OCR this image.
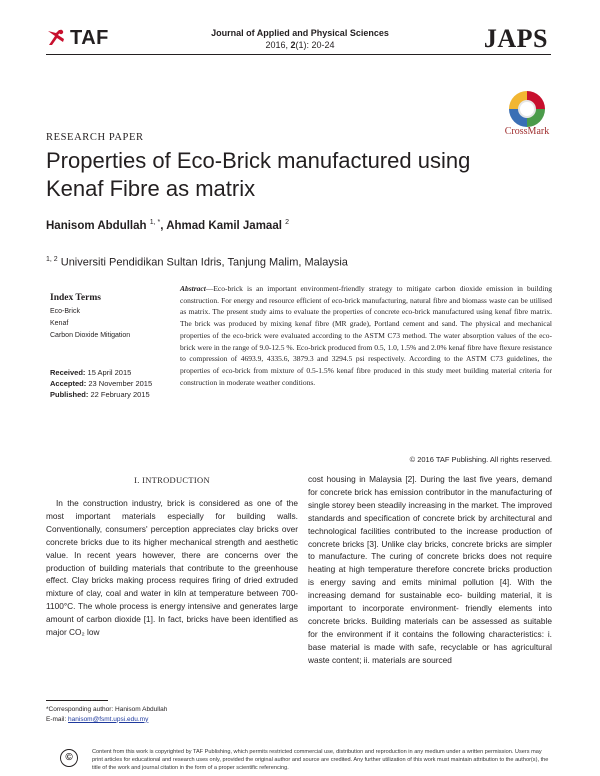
TAF	Journal of Applied and Physical Sciences
2016, 2(1): 20-24	JAPS
CrossMark
RESEARCH PAPER
Properties of Eco-Brick manufactured using Kenaf Fibre as matrix
Hanisom Abdullah $^{1, *}$, Ahmad Kamil Jamaal $^2$
$^{1, 2}$ Universiti Pendidikan Sultan Idris, Tanjung Malim, Malaysia
Index Terms
Eco-Brick
Kenaf
Carbon Dioxide Mitigation
Received: 15 April 2015
Accepted: 23 November 2015
Published: 22 February 2015
Abstract—Eco-brick is an important environment-friendly strategy to mitigate carbon dioxide emission in building construction. For energy and resource efficient of eco-brick manufacturing, natural fibre and biomass waste can be utilised as matrix. The present study aims to evaluate the properties of concrete eco-brick manufactured using kenaf fibre matrix. The brick was produced by mixing kenaf fibre (MR grade), Portland cement and sand. The physical and mechanical properties of the eco-brick were evaluated according to the ASTM C73 method. The water absorption values of the eco-brick were in the range of 9.0-12.5 %. Eco-brick produced from 0.5, 1.0, 1.5% and 2.0% kenaf fibre have flexure resistance to compression of 4693.9, 4335.6, 3879.3 and 3294.5 psi respectively. According to the ASTM C73 guidelines, the properties of eco-brick from mixture of 0.5-1.5% kenaf fibre produced in this study meet building material criteria for construction in moderate weather conditions.
© 2016 TAF Publishing. All rights reserved.
I. INTRODUCTION

In the construction industry, brick is considered as one of the most important materials especially for building walls. Conventionally, consumers' perception appreciates clay bricks over concrete bricks due to its higher mechanical strength and aesthetic value. In recent years however, there are concerns over the production of building materials that contribute to the greenhouse effect. Clay bricks making process requires firing of dried extruded mixture of clay, coal and water in kiln at temperature between 700-1100°C. The whole process is energy intensive and generates large amount of carbon dioxide [1]. In fact, bricks have been identified as major CO₂ low

cost housing in Malaysia [2]. During the last five years, demand for concrete brick has emission contributor in the manufacturing of single storey been steadily increasing in the market. The improved standards and specification of concrete brick by architectural and technological facilities contributed to the increase production of concrete bricks [3]. Unlike clay bricks, concrete bricks are simpler to manufacture. The curing of concrete bricks does not require heating at high temperature therefore concrete bricks production is energy saving and emits minimal pollution [4]. With the increasing demand for sustainable eco- building material, it is important to incorporate environment- friendly elements into concrete bricks. Building materials can be assessed as suitable for the environment if it contains the following characteristics: i. base material is made with safe, recyclable or has agricultural waste content; ii. materials are sourced

*Corresponding author: Hanisom Abdullah
E-mail: hanisom@fsmt.upsi.edu.my
©	Content from this work is copyrighted by TAF Publishing, which permits restricted commercial use, distribution and reproduction in any medium under a written permission. Users may print articles for educational and research uses only, provided the original author and source are credited. Any further utilization of this work must maintain attribution to the author(s), the title of the work and journal citation in the form of a proper scientific referencing.
